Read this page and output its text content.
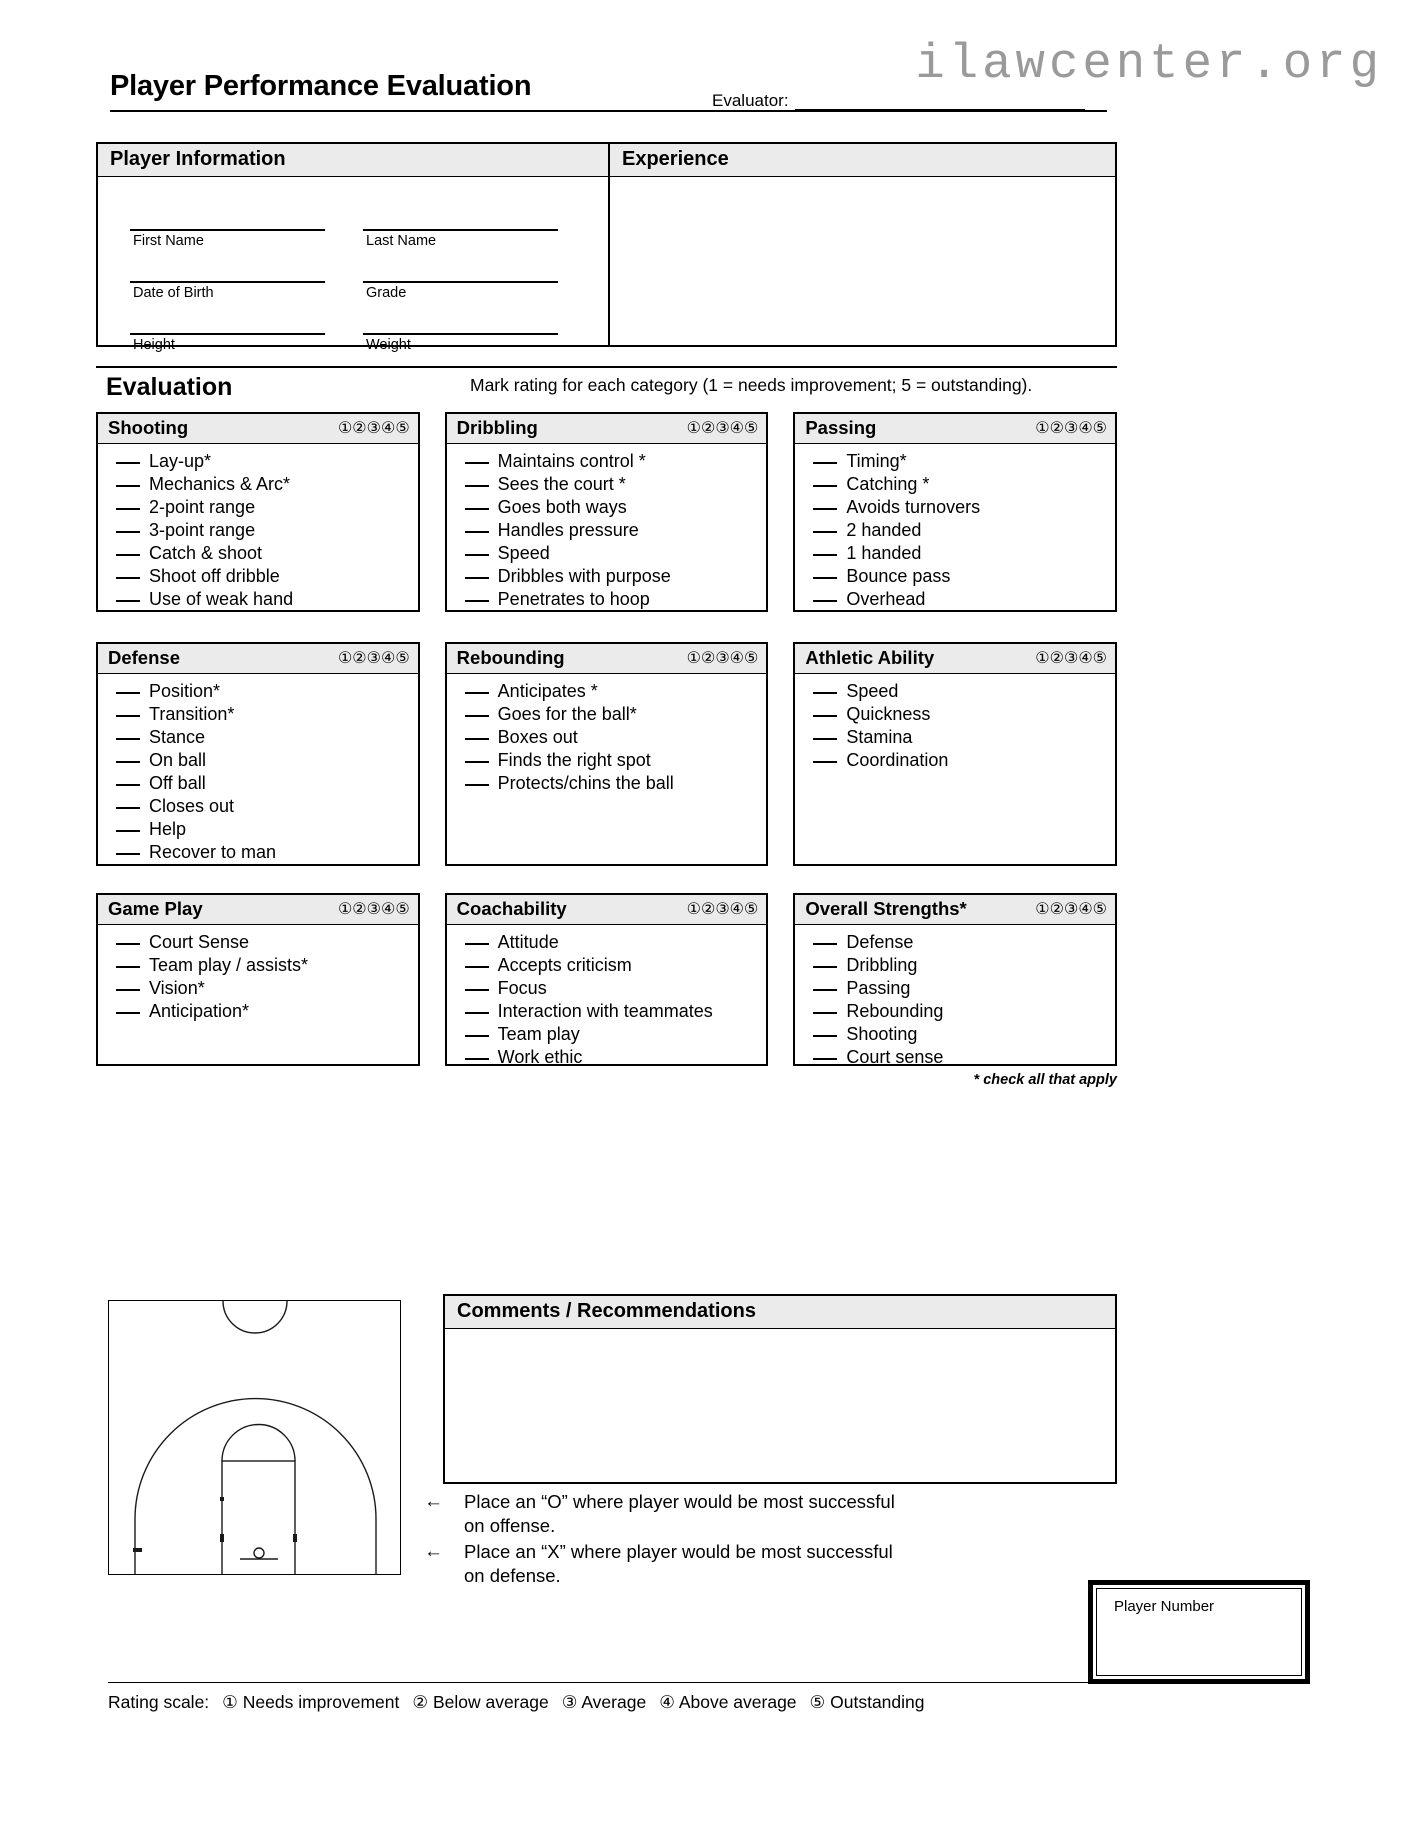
ilawcenter.org
Player Performance Evaluation	Evaluator:
Player Information
First Name	Last Name
Date of Birth	Grade
Height	Weight
Experience
Evaluation	Mark rating for each category (1 = needs improvement; 5 = outstanding).
Shooting	①②③④⑤
Lay-up*
Mechanics & Arc*
2-point range
3-point range
Catch & shoot
Shoot off dribble
Use of weak hand
Dribbling	①②③④⑤
Maintains control *
Sees the court *
Goes both ways
Handles pressure
Speed
Dribbles with purpose
Penetrates to hoop
Passing	①②③④⑤
Timing*
Catching *
Avoids turnovers
2 handed
1 handed
Bounce pass
Overhead
Defense	①②③④⑤
Position*
Transition*
Stance
On ball
Off ball
Closes out
Help
Recover to man
Rebounding	①②③④⑤
Anticipates *
Goes for the ball*
Boxes out
Finds the right spot
Protects/chins the ball
Athletic Ability	①②③④⑤
Speed
Quickness
Stamina
Coordination
Game Play	①②③④⑤
Court Sense
Team play / assists*
Vision*
Anticipation*
Coachability	①②③④⑤
Attitude
Accepts criticism
Focus
Interaction with teammates
Team play
Work ethic
Overall Strengths*	①②③④⑤
Defense
Dribbling
Passing
Rebounding
Shooting
Court sense
* check all that apply
Comments / Recommendations
← Place an “O” where player would be most successful
on offense.
← Place an “X” where player would be most successful
on defense.
Player Number
Rating scale: ① Needs improvement ② Below average ③ Average ④ Above average ⑤ Outstanding
